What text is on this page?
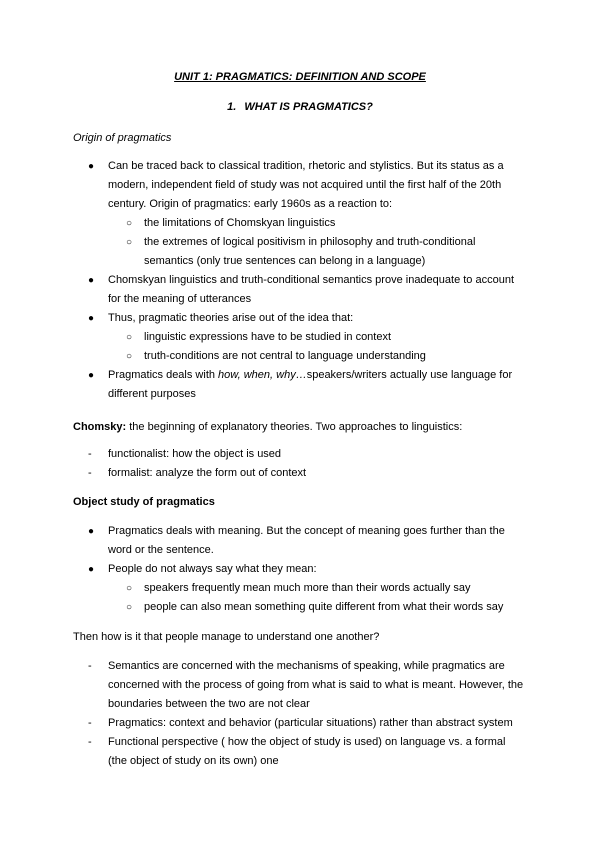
UNIT 1: PRAGMATICS: DEFINITION AND SCOPE
1. WHAT IS PRAGMATICS?
Origin of pragmatics
● Can be traced back to classical tradition, rhetoric and stylistics. But its status as a
modern, independent field of study was not acquired until the first half of the 20th
century. Origin of pragmatics: early 1960s as a reaction to:
○ the limitations of Chomskyan linguistics
○ the extremes of logical positivism in philosophy and truth-conditional
semantics (only true sentences can belong in a language)
● Chomskyan linguistics and truth-conditional semantics prove inadequate to account
for the meaning of utterances
● Thus, pragmatic theories arise out of the idea that:
○ linguistic expressions have to be studied in context
○ truth-conditions are not central to language understanding
● Pragmatics deals with how, when, why…speakers/writers actually use language for
different purposes
Chomsky: the beginning of explanatory theories. Two approaches to linguistics:
- functionalist: how the object is used
- formalist: analyze the form out of context
Object study of pragmatics
● Pragmatics deals with meaning. But the concept of meaning goes further than the
word or the sentence.
● People do not always say what they mean:
○ speakers frequently mean much more than their words actually say
○ people can also mean something quite different from what their words say
Then how is it that people manage to understand one another?
- Semantics are concerned with the mechanisms of speaking, while pragmatics are
concerned with the process of going from what is said to what is meant. However, the
boundaries between the two are not clear
- Pragmatics: context and behavior (particular situations) rather than abstract system
- Functional perspective ( how the object of study is used) on language vs. a formal
(the object of study on its own) one
